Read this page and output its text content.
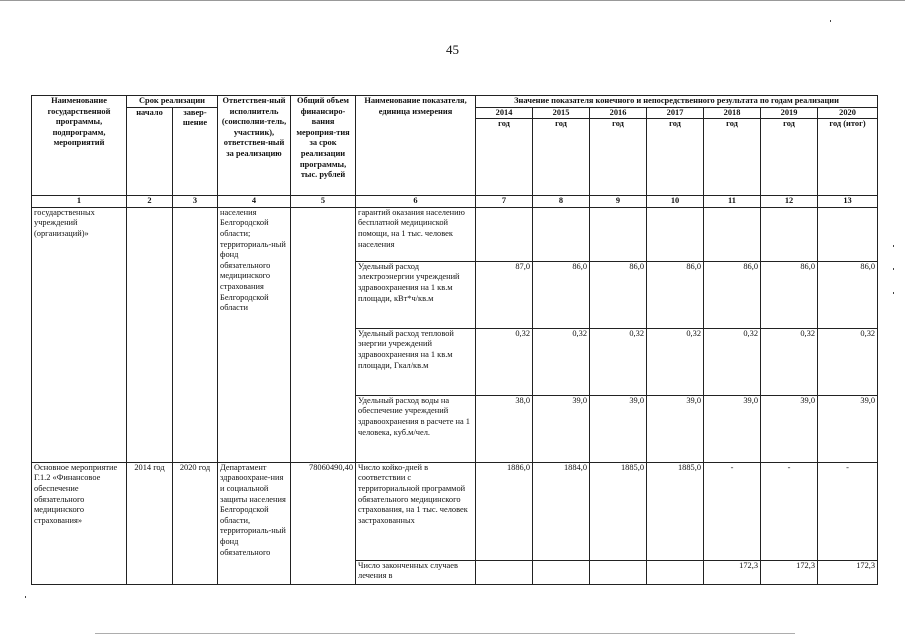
45
Наименование государственной программы, подпрограмм, мероприятий	Срок реализации		Ответствен-ный исполнитель (соисполни-тель, участник), ответствен-ный за реализацию	Общий объем финансиро-вания мероприя-тия за срок реализации программы, тыс. рублей	Наименование показателя, единица измерения	Значение показателя конечного и непосредственного результата по годам реализации						
	начало	завер-шение				2014	2015	2016	2017	2018	2019	2020
						год	год	год	год	год	год	год (итог)
1	2	3	4	5	6	7	8	9	10	11	12	13
государственных учреждений (организаций)»			населения Белгородской области; территориаль-ный фонд обязательного медицинского страхования Белгородской области		гарантий оказания населению бесплатной медицинской помощи, на 1 тыс. человек населения							
					Удельный расход электроэнергии учреждений здравоохранения на 1 кв.м площади, кВт*ч/кв.м	87,0	86,0	86,0	86,0	86,0	86,0	86,0
					Удельный расход тепловой энергии учреждений здравоохранения на 1 кв.м площади, Гкал/кв.м	0,32	0,32	0,32	0,32	0,32	0,32	0,32
					Удельный расход воды на обеспечение учреждений здравоохранения в расчете на 1 человека, куб.м/чел.	38,0	39,0	39,0	39,0	39,0	39,0	39,0
Основное мероприятие Г.1.2 «Финансовое обеспечение обязательного медицинского страхования»	2014 год	2020 год	Департамент здравоохране-ния и социальной защиты населения Белгородской области, территориаль-ный фонд обязательного	78060490,40	Число койко-дней в соответствии с территориальной программой обязательного медицинского страхования, на 1 тыс. человек застрахованных	1886,0	1884,0	1885,0	1885,0	-	-	-
					Число законченных случаев лечения в					172,3	172,3	172,3
